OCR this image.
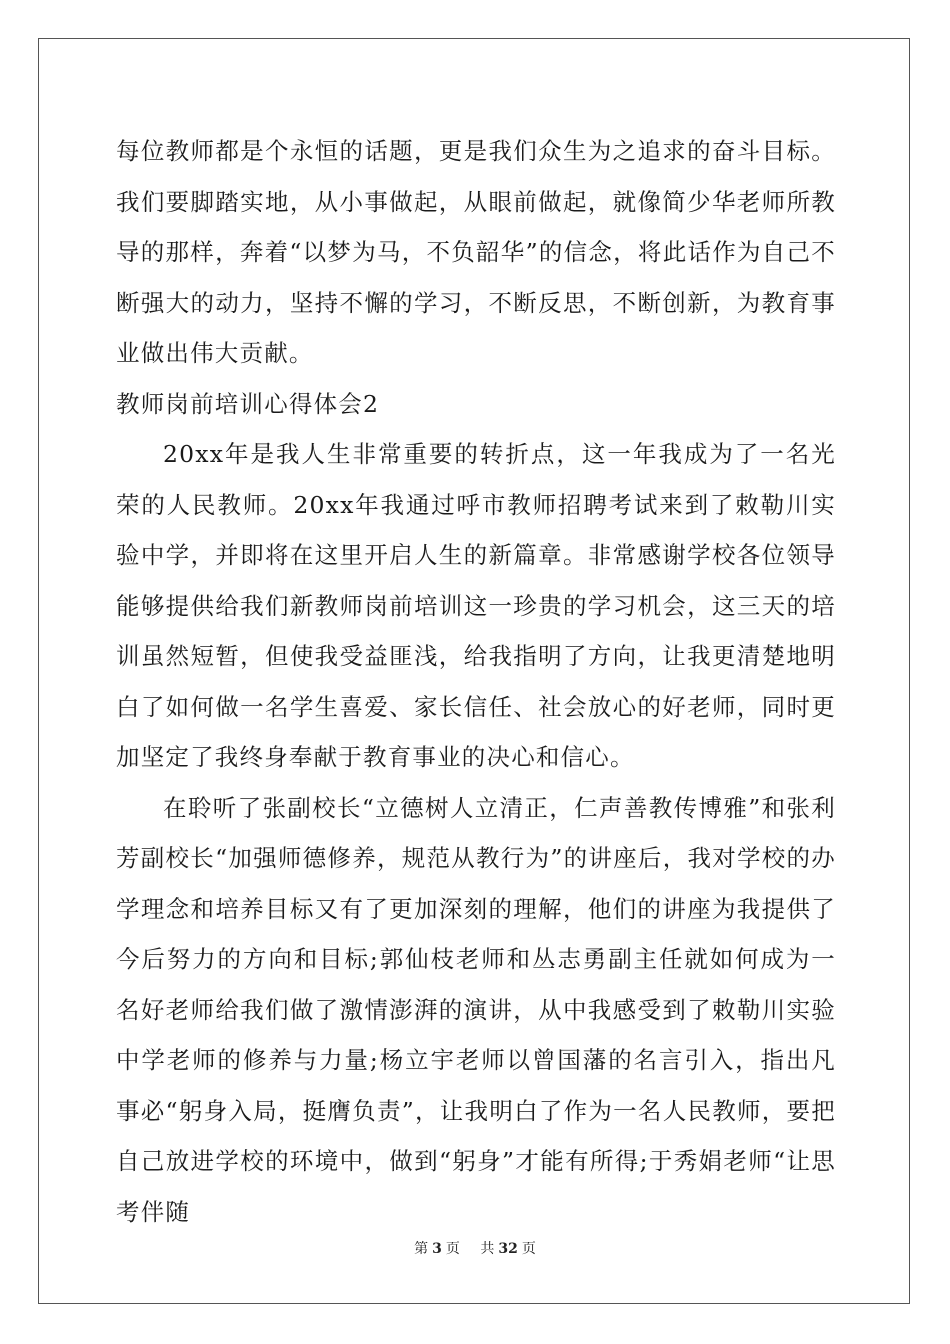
每位教师都是个永恒的话题，更是我们众生为之追求的奋斗目标。我们要脚踏实地，从小事做起，从眼前做起，就像简少华老师所教导的那样，奔着“以梦为马，不负韶华”的信念，将此话作为自己不断强大的动力，坚持不懈的学习，不断反思，不断创新，为教育事业做出伟大贡献。

教师岗前培训心得体会2

20xx年是我人生非常重要的转折点，这一年我成为了一名光荣的人民教师。20xx年我通过呼市教师招聘考试来到了敕勒川实验中学，并即将在这里开启人生的新篇章。非常感谢学校各位领导能够提供给我们新教师岗前培训这一珍贵的学习机会，这三天的培训虽然短暂，但使我受益匪浅，给我指明了方向，让我更清楚地明白了如何做一名学生喜爱、家长信任、社会放心的好老师，同时更加坚定了我终身奉献于教育事业的决心和信心。

在聆听了张副校长“立德树人立清正，仁声善教传博雅”和张利芳副校长“加强师德修养，规范从教行为”的讲座后，我对学校的办学理念和培养目标又有了更加深刻的理解，他们的讲座为我提供了今后努力的方向和目标;郭仙枝老师和丛志勇副主任就如何成为一名好老师给我们做了激情澎湃的演讲，从中我感受到了敕勒川实验中学老师的修养与力量;杨立宇老师以曾国藩的名言引入，指出凡事必“躬身入局，挺膺负责”，让我明白了作为一名人民教师，要把自己放进学校的环境中，做到“躬身”才能有所得;于秀娟老师“让思考伴随

第 3 页 共 32 页
